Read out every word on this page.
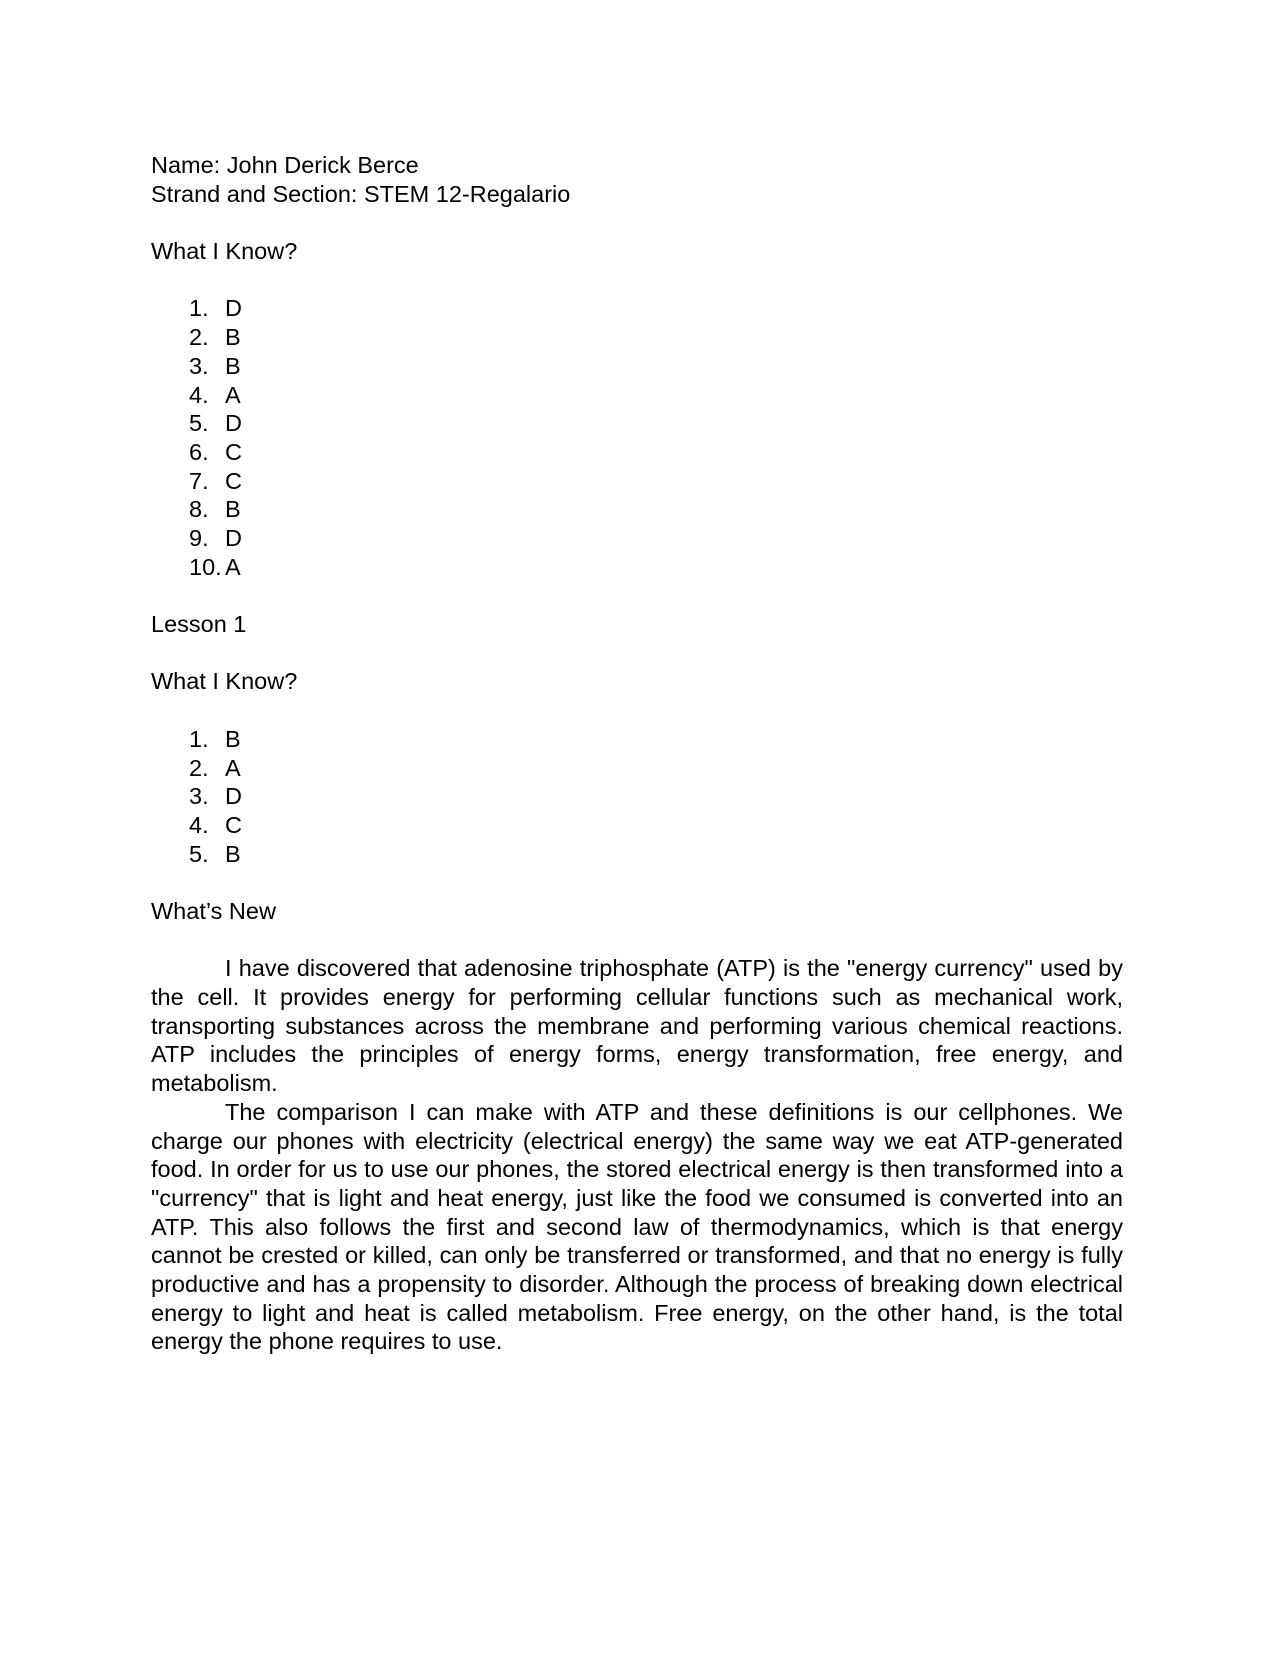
Name: John Derick Berce
Strand and Section: STEM 12-Regalario
What I Know?
1. D
2. B
3. B
4. A
5. D
6. C
7. C
8. B
9. D
10. A
Lesson 1
What I Know?
1. B
2. A
3. D
4. C
5. B
What’s New

I have discovered that adenosine triphosphate (ATP) is the "energy currency" used by the cell. It provides energy for performing cellular functions such as mechanical work, transporting substances across the membrane and performing various chemical reactions. ATP includes the principles of energy forms, energy transformation, free energy, and metabolism.

The comparison I can make with ATP and these definitions is our cellphones. We charge our phones with electricity (electrical energy) the same way we eat ATP-generated food. In order for us to use our phones, the stored electrical energy is then transformed into a "currency" that is light and heat energy, just like the food we consumed is converted into an ATP. This also follows the first and second law of thermodynamics, which is that energy cannot be crested or killed, can only be transferred or transformed, and that no energy is fully productive and has a propensity to disorder. Although the process of breaking down electrical energy to light and heat is called metabolism. Free energy, on the other hand, is the total energy the phone requires to use.
